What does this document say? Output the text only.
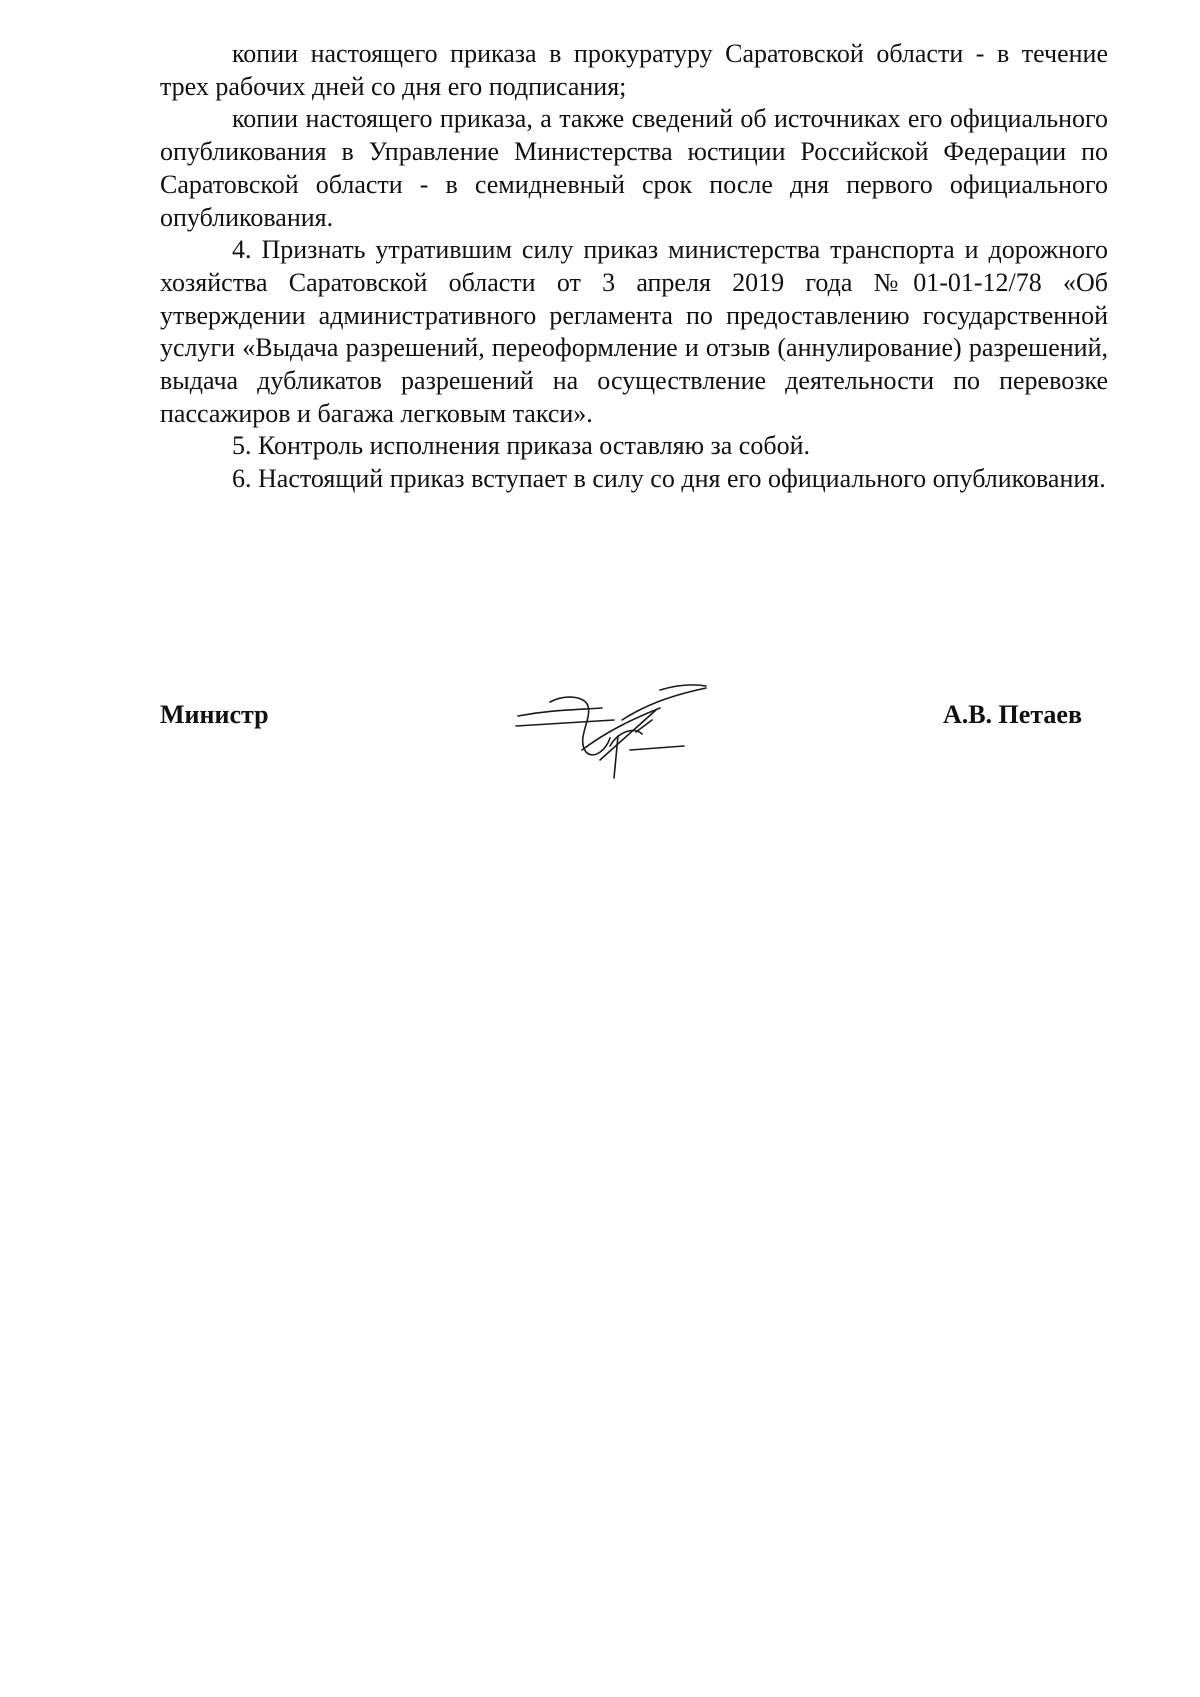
копии настоящего приказа в прокуратуру Саратовской области - в течение трех рабочих дней со дня его подписания;

копии настоящего приказа, а также сведений об источниках его официального опубликования в Управление Министерства юстиции Российской Федерации по Саратовской области - в семидневный срок после дня первого официального опубликования.

4. Признать утратившим силу приказ министерства транспорта и дорожного хозяйства Саратовской области от 3 апреля 2019 года №01-01-12/78 «Об утверждении административного регламента по предоставлению государственной услуги «Выдача разрешений, переоформление и отзыв (аннулирование) разрешений, выдача дубликатов разрешений на осуществление деятельности по перевозке пассажиров и багажа легковым такси».

5. Контроль исполнения приказа оставляю за собой.

6. Настоящий приказ вступает в силу со дня его официального опубликования.

Министр	А.В. Петаев
